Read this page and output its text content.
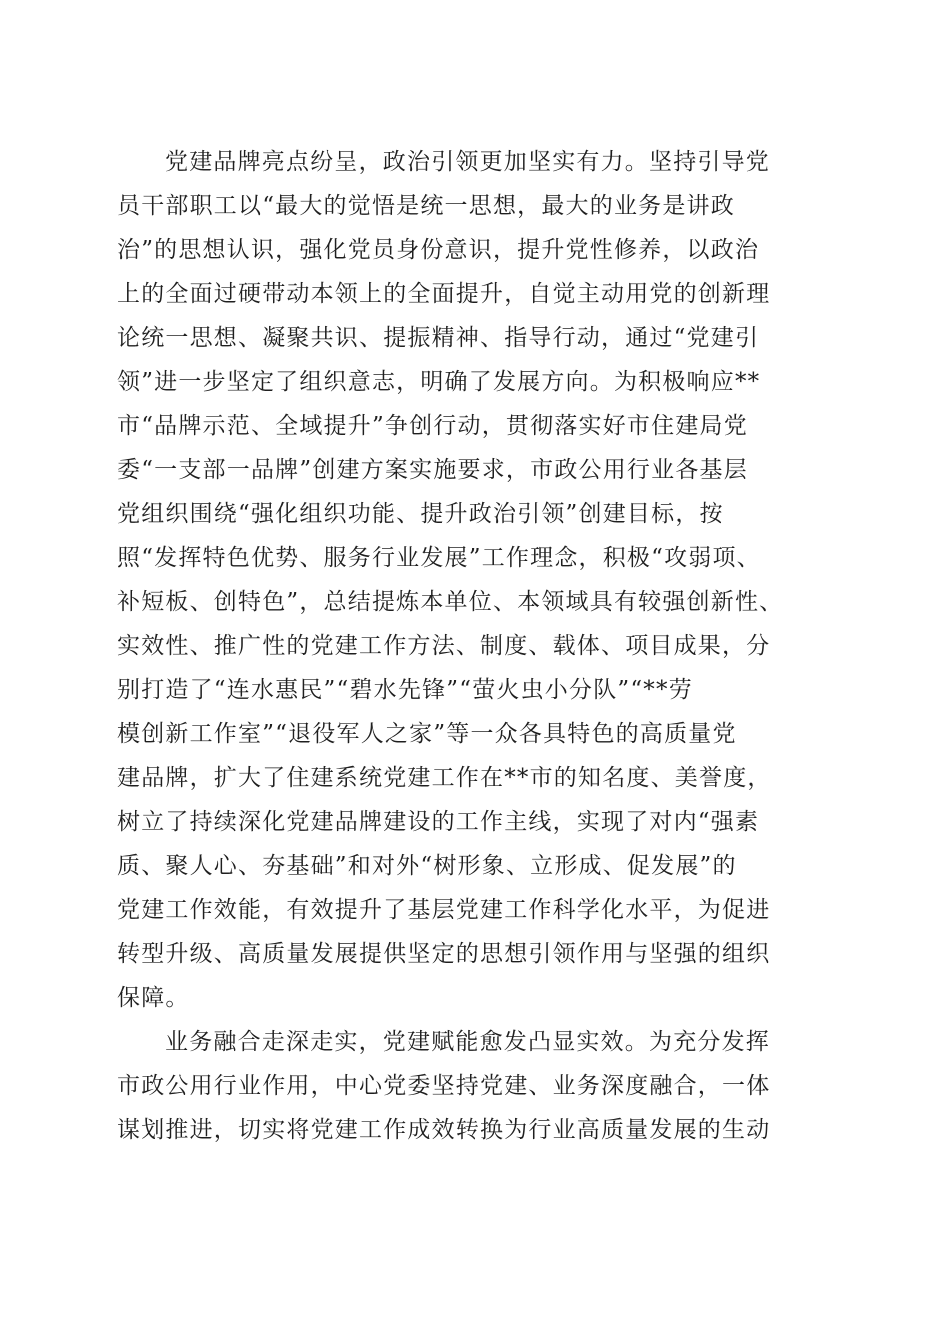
党建品牌亮点纷呈，政治引领更加坚实有力。坚持引导党
员干部职工以“最大的觉悟是统一思想，最大的业务是讲政
治”的思想认识，强化党员身份意识，提升党性修养，以政治
上的全面过硬带动本领上的全面提升，自觉主动用党的创新理
论统一思想、凝聚共识、提振精神、指导行动，通过“党建引
领”进一步坚定了组织意志，明确了发展方向。为积极响应**
市“品牌示范、全域提升”争创行动，贯彻落实好市住建局党
委“一支部一品牌”创建方案实施要求，市政公用行业各基层
党组织围绕“强化组织功能、提升政治引领”创建目标，按
照“发挥特色优势、服务行业发展”工作理念，积极“攻弱项、
补短板、创特色”，总结提炼本单位、本领域具有较强创新性、
实效性、推广性的党建工作方法、制度、载体、项目成果，分
别打造了“连水惠民”“碧水先锋”“萤火虫小分队”“**劳
模创新工作室”“退役军人之家”等一众各具特色的高质量党
建品牌，扩大了住建系统党建工作在**市的知名度、美誉度，
树立了持续深化党建品牌建设的工作主线，实现了对内“强素
质、聚人心、夯基础”和对外“树形象、立形成、促发展”的
党建工作效能，有效提升了基层党建工作科学化水平，为促进
转型升级、高质量发展提供坚定的思想引领作用与坚强的组织
保障。
业务融合走深走实，党建赋能愈发凸显实效。为充分发挥
市政公用行业作用，中心党委坚持党建、业务深度融合，一体
谋划推进，切实将党建工作成效转换为行业高质量发展的生动
